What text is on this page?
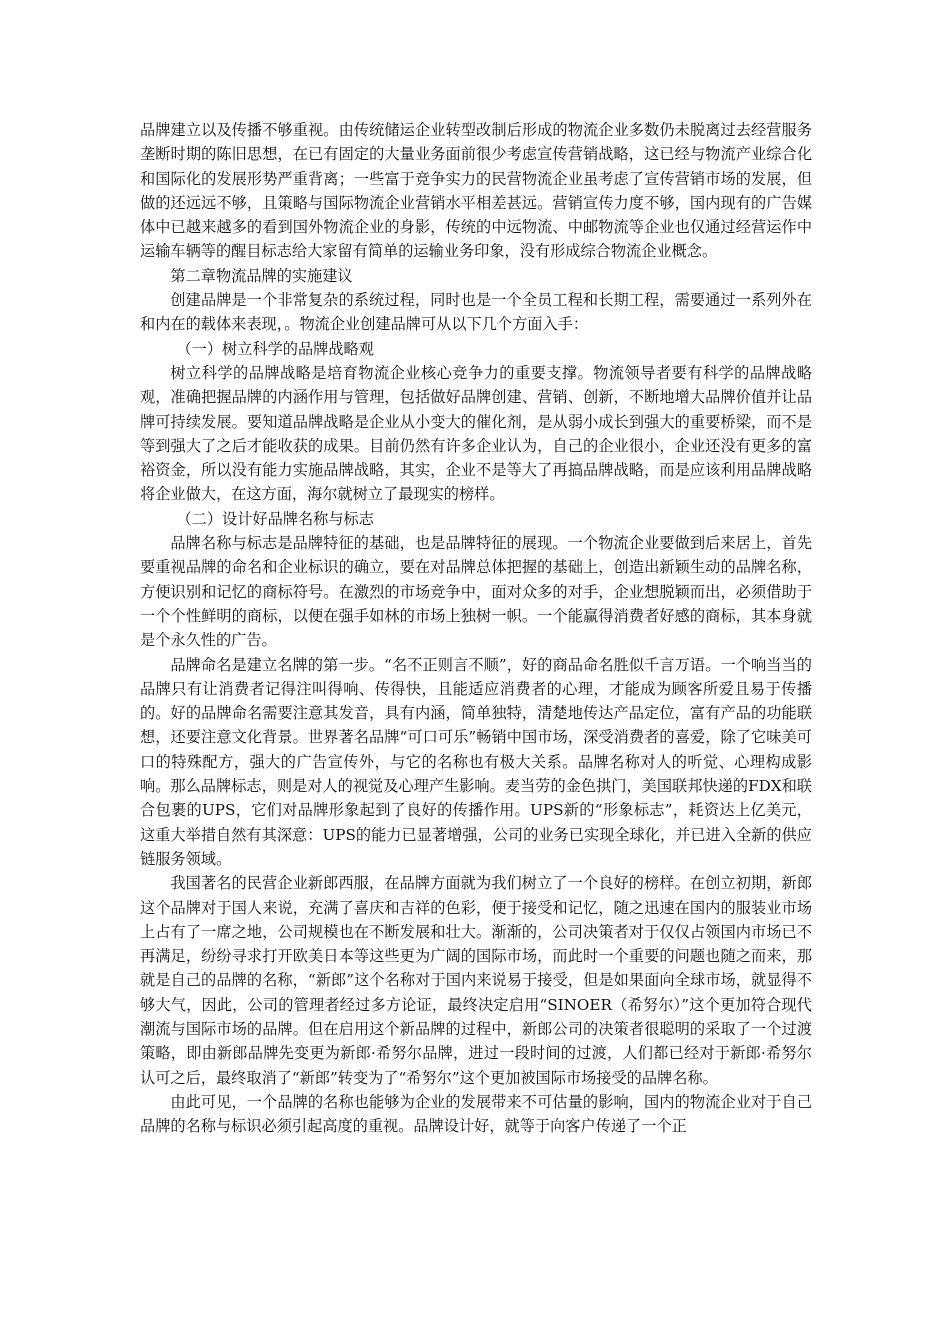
品牌建立以及传播不够重视。由传统储运企业转型改制后形成的物流企业多数仍未脱离过去经营服务垄断时期的陈旧思想，在已有固定的大量业务面前很少考虑宣传营销战略，这已经与物流产业综合化和国际化的发展形势严重背离；一些富于竞争实力的民营物流企业虽考虑了宣传营销市场的发展，但做的还远远不够，且策略与国际物流企业营销水平相差甚远。营销宣传力度不够，国内现有的广告媒体中已越来越多的看到国外物流企业的身影，传统的中远物流、中邮物流等企业也仅通过经营运作中运输车辆等的醒目标志给大家留有简单的运输业务印象，没有形成综合物流企业概念。

第二章物流品牌的实施建议

创建品牌是一个非常复杂的系统过程，同时也是一个全员工程和长期工程，需要通过一系列外在和内在的载体来表现，。物流企业创建品牌可从以下几个方面入手：

（一）树立科学的品牌战略观

树立科学的品牌战略是培育物流企业核心竞争力的重要支撑。物流领导者要有科学的品牌战略观，准确把握品牌的内涵作用与管理，包括做好品牌创建、营销、创新，不断地增大品牌价值并让品牌可持续发展。要知道品牌战略是企业从小变大的催化剂，是从弱小成长到强大的重要桥梁，而不是等到强大了之后才能收获的成果。目前仍然有许多企业认为，自己的企业很小，企业还没有更多的富裕资金，所以没有能力实施品牌战略，其实，企业不是等大了再搞品牌战略，而是应该利用品牌战略将企业做大，在这方面，海尔就树立了最现实的榜样。

（二）设计好品牌名称与标志

品牌名称与标志是品牌特征的基础，也是品牌特征的展现。一个物流企业要做到后来居上，首先要重视品牌的命名和企业标识的确立，要在对品牌总体把握的基础上，创造出新颖生动的品牌名称，方便识别和记忆的商标符号。在激烈的市场竞争中，面对众多的对手，企业想脱颖而出，必须借助于一个个性鲜明的商标，以便在强手如林的市场上独树一帜。一个能赢得消费者好感的商标，其本身就是个永久性的广告。

品牌命名是建立名牌的第一步。“名不正则言不顺”，好的商品命名胜似千言万语。一个响当当的品牌只有让消费者记得注叫得响、传得快，且能适应消费者的心理，才能成为顾客所爱且易于传播的。好的品牌命名需要注意其发音，具有内涵，简单独特，清楚地传达产品定位，富有产品的功能联想，还要注意文化背景。世界著名品牌“可口可乐”畅销中国市场，深受消费者的喜爱，除了它味美可口的特殊配方，强大的广告宣传外，与它的名称也有极大关系。品牌名称对人的听觉、心理构成影响。那么品牌标志，则是对人的视觉及心理产生影响。麦当劳的金色拱门，美国联邦快递的FDX和联合包裹的UPS，它们对品牌形象起到了良好的传播作用。UPS新的“形象标志”，耗资达上亿美元，这重大举措自然有其深意：UPS的能力已显著增强，公司的业务已实现全球化，并已进入全新的供应链服务领域。

我国著名的民营企业新郎西服，在品牌方面就为我们树立了一个良好的榜样。在创立初期，新郎这个品牌对于国人来说，充满了喜庆和吉祥的色彩，便于接受和记忆，随之迅速在国内的服装业市场上占有了一席之地，公司规模也在不断发展和壮大。渐渐的，公司决策者对于仅仅占领国内市场已不再满足，纷纷寻求打开欧美日本等这些更为广阔的国际市场，而此时一个重要的问题也随之而来，那就是自己的品牌的名称，“新郎”这个名称对于国内来说易于接受，但是如果面向全球市场，就显得不够大气，因此，公司的管理者经过多方论证，最终决定启用“SINOER（希努尔）”这个更加符合现代潮流与国际市场的品牌。但在启用这个新品牌的过程中，新郎公司的决策者很聪明的采取了一个过渡策略，即由新郎品牌先变更为新郎·希努尔品牌，进过一段时间的过渡，人们都已经对于新郎·希努尔认可之后，最终取消了“新郎”转变为了“希努尔”这个更加被国际市场接受的品牌名称。

由此可见，一个品牌的名称也能够为企业的发展带来不可估量的影响，国内的物流企业对于自己品牌的名称与标识必须引起高度的重视。品牌设计好，就等于向客户传递了一个正
